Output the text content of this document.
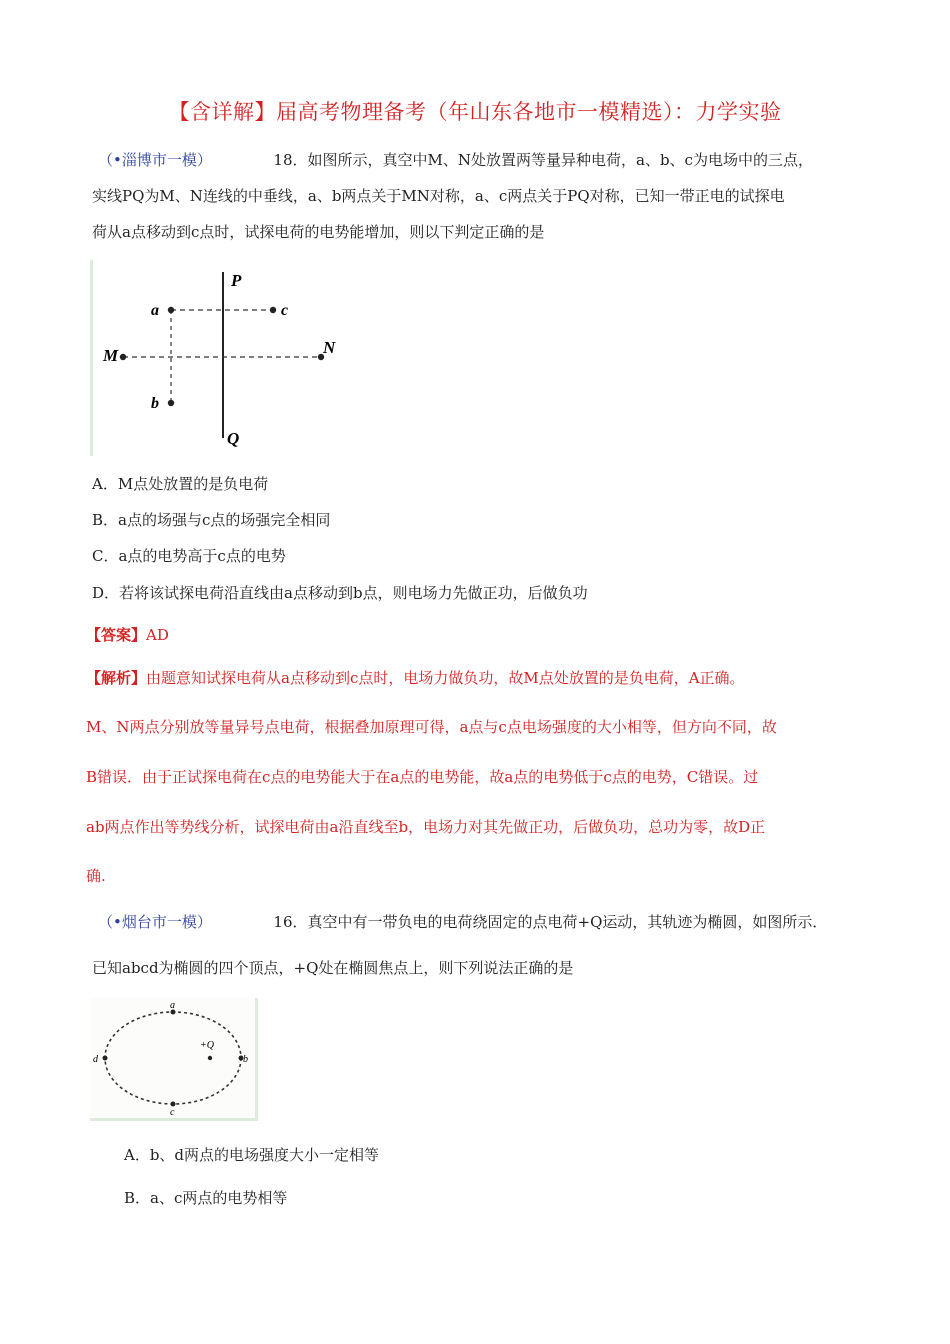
【含详解】届高考物理备考（年山东各地市一模精选）：力学实验
（•淄博市一模）	18．如图所示，真空中M、N处放置两等量异种电荷，a、b、c为电场中的三点，
实线PQ为M、N连线的中垂线，a、b两点关于MN对称，a、c两点关于PQ对称，已知一带正电的试探电
荷从a点移动到c点时，试探电荷的电势能增加，则以下判定正确的是
P
a	c
M	N
b
Q
A．M点处放置的是负电荷
B．a点的场强与c点的场强完全相同
C．a点的电势高于c点的电势
D．若将该试探电荷沿直线由a点移动到b点，则电场力先做正功，后做负功
【答案】AD
【解析】由题意知试探电荷从a点移动到c点时，电场力做负功，故M点处放置的是负电荷，A正确。
M、N两点分别放等量异号点电荷，根据叠加原理可得，a点与c点电场强度的大小相等，但方向不同，故
B错误．由于正试探电荷在c点的电势能大于在a点的电势能，故a点的电势低于c点的电势，C错误。过
ab两点作出等势线分析，试探电荷由a沿直线至b，电场力对其先做正功，后做负功，总功为零，故D正
确.
（•烟台市一模）	16．真空中有一带负电的电荷绕固定的点电荷+Q运动，其轨迹为椭圆，如图所示．
已知abcd为椭圆的四个顶点，+Q处在椭圆焦点上，则下列说法正确的是
a
+Q
d	b
c
A．b、d两点的电场强度大小一定相等
B．a、c两点的电势相等
